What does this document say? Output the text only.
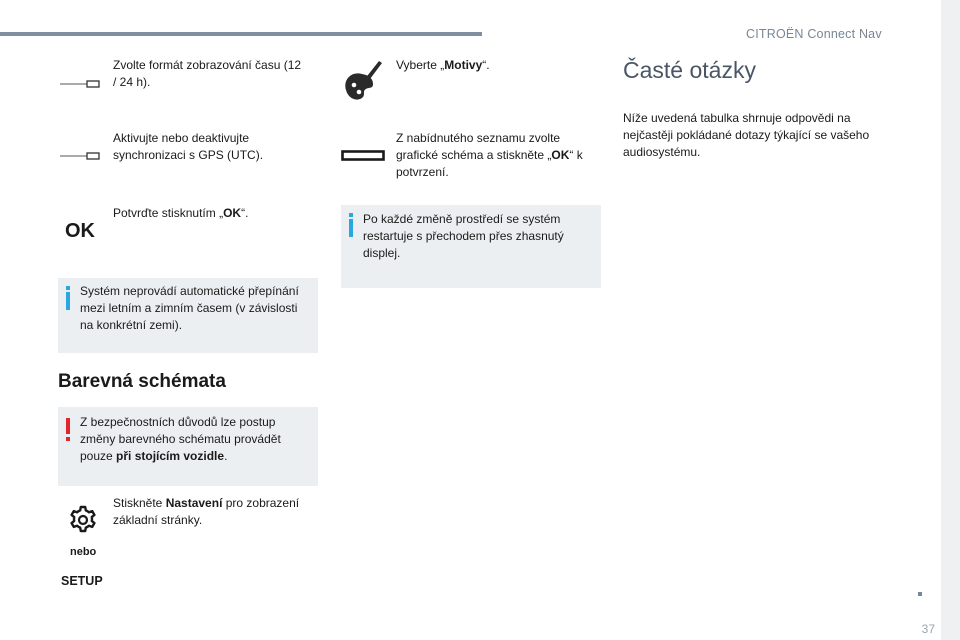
CITROËN Connect Nav
Zvolte formát zobrazování času (12 / 24 h).
Aktivujte nebo deaktivujte synchronizaci s GPS (UTC).
OK
Potvrďte stisknutím „OK“.
Systém neprovádí automatické přepínání mezi letním a zimním časem (v závislosti na konkrétní zemi).
Barevná schémata
Z bezpečnostních důvodů lze postup změny barevného schématu provádět pouze při stojícím vozidle.
Stiskněte Nastavení pro zobrazení základní stránky.
nebo
SETUP
Vyberte „Motivy“.
Z nabídnutého seznamu zvolte grafické schéma a stiskněte „OK“ k potvrzení.
Po každé změně prostředí se systém restartuje s přechodem přes zhasnutý displej.
Časté otázky
Níže uvedená tabulka shrnuje odpovědi na nejčastěji pokládané dotazy týkající se vašeho audiosystému.
37
